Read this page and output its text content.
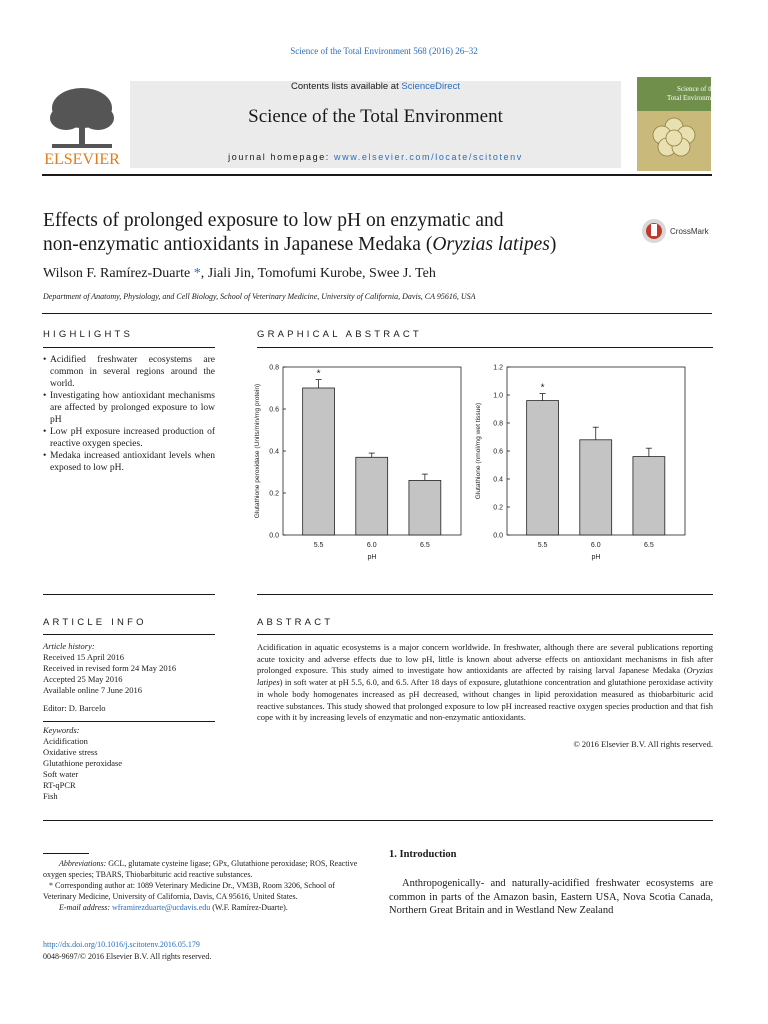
Science of the Total Environment 568 (2016) 26–32
ELSEVIER
Contents lists available at ScienceDirect
Science of the Total Environment
journal homepage: www.elsevier.com/locate/scitotenv
Science of the
Total Environment
Effects of prolonged exposure to low pH on enzymatic and
non-enzymatic antioxidants in Japanese Medaka (Oryzias latipes)
CrossMark
Wilson F. Ramírez-Duarte *, Jiali Jin, Tomofumi Kurobe, Swee J. Teh
Department of Anatomy, Physiology, and Cell Biology, School of Veterinary Medicine, University of California, Davis, CA 95616, USA
HIGHLIGHTS	GRAPHICAL ABSTRACT
• Acidified freshwater ecosystems are common in several regions around the world.
• Investigating how antioxidant mechanisms are affected by prolonged exposure to low pH
• Low pH exposure increased production of reactive oxygen species.
• Medaka increased antioxidant levels when exposed to low pH.
0.0
0.2
0.4
0.6
0.8
*
5.5	6.0	6.5
pH
Glutathione peroxidase (Units/min/mg protein)
0.0
0.2
0.4
0.6
0.8
1.0
1.2
*
5.5	6.0	6.5
pH
Glutathione (nmol/mg wet tissue)
ARTICLE INFO	ABSTRACT
Article history:
Received 15 April 2016
Received in revised form 24 May 2016
Accepted 25 May 2016
Available online 7 June 2016
Editor: D. Barcelo
Keywords:
Acidification
Oxidative stress
Glutathione peroxidase
Soft water
RT-qPCR
Fish
Acidification in aquatic ecosystems is a major concern worldwide. In freshwater, although there are several publications reporting acute toxicity and adverse effects due to low pH, little is known about adverse effects on antioxidant mechanisms in fish after prolonged exposure. This study aimed to investigate how antioxidants are affected by raising larval Japanese Medaka (Oryzias latipes) in soft water at pH 5.5, 6.0, and 6.5. After 18 days of exposure, glutathione concentration and glutathione peroxidase activity in whole body homogenates increased as pH decreased, without changes in lipid peroxidation measured as thiobarbituric acid reactive substances. This study showed that prolonged exposure to low pH increased reactive oxygen species production and that fish cope with it by increasing levels of enzymatic and non-enzymatic antioxidants.
© 2016 Elsevier B.V. All rights reserved.
Abbreviations: GCL, glutamate cysteine ligase; GPx, Glutathione peroxidase; ROS, Reactive oxygen species; TBARS, Thiobarbituric acid reactive substances.
* Corresponding author at: 1089 Veterinary Medicine Dr., VM3B, Room 3206, School of Veterinary Medicine, University of California, Davis, CA 95616, United States.
E-mail address: wframirezduarte@ucdavis.edu (W.F. Ramírez-Duarte).
http://dx.doi.org/10.1016/j.scitotenv.2016.05.179
0048-9697/© 2016 Elsevier B.V. All rights reserved.
1. Introduction
Anthropogenically- and naturally-acidified freshwater ecosystems are common in parts of the Amazon basin, Eastern USA, Nova Scotia Canada, Northern Great Britain and in Westland New Zealand
